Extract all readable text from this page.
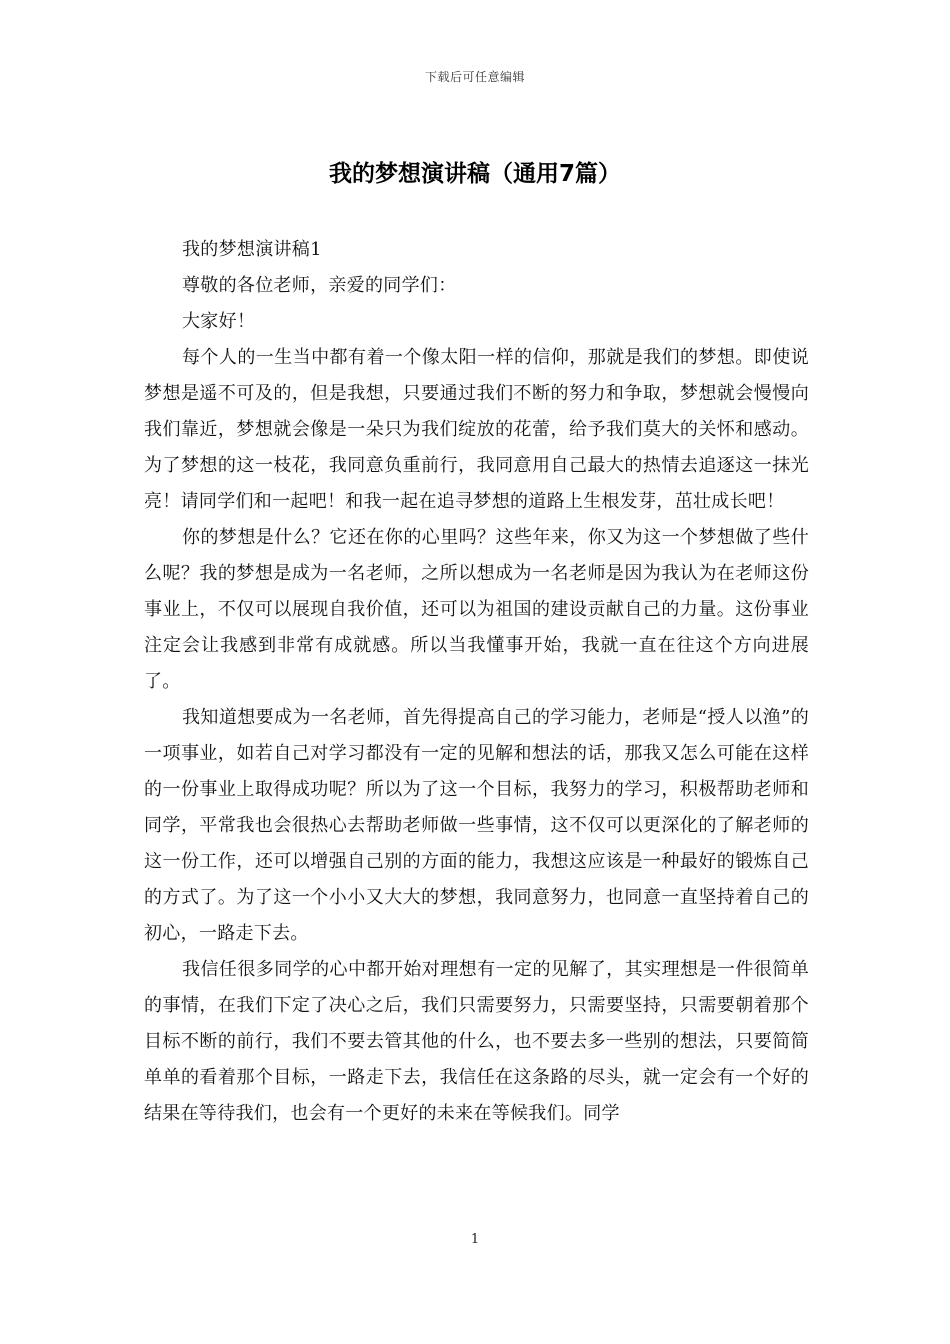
下载后可任意编辑
我的梦想演讲稿（通用7篇）

我的梦想演讲稿1

尊敬的各位老师，亲爱的同学们：

大家好！

每个人的一生当中都有着一个像太阳一样的信仰，那就是我们的梦想。即使说梦想是遥不可及的，但是我想，只要通过我们不断的努力和争取，梦想就会慢慢向我们靠近，梦想就会像是一朵只为我们绽放的花蕾，给予我们莫大的关怀和感动。为了梦想的这一枝花，我同意负重前行，我同意用自己最大的热情去追逐这一抹光亮！请同学们和一起吧！和我一起在追寻梦想的道路上生根发芽，茁壮成长吧！

你的梦想是什么？它还在你的心里吗？这些年来，你又为这一个梦想做了些什么呢？我的梦想是成为一名老师，之所以想成为一名老师是因为我认为在老师这份事业上，不仅可以展现自我价值，还可以为祖国的建设贡献自己的力量。这份事业注定会让我感到非常有成就感。所以当我懂事开始，我就一直在往这个方向进展了。

我知道想要成为一名老师，首先得提高自己的学习能力，老师是“授人以渔”的一项事业，如若自己对学习都没有一定的见解和想法的话，那我又怎么可能在这样的一份事业上取得成功呢？所以为了这一个目标，我努力的学习，积极帮助老师和同学，平常我也会很热心去帮助老师做一些事情，这不仅可以更深化的了解老师的这一份工作，还可以增强自己别的方面的能力，我想这应该是一种最好的锻炼自己的方式了。为了这一个小小又大大的梦想，我同意努力，也同意一直坚持着自己的初心，一路走下去。

我信任很多同学的心中都开始对理想有一定的见解了，其实理想是一件很简单的事情，在我们下定了决心之后，我们只需要努力，只需要坚持，只需要朝着那个目标不断的前行，我们不要去管其他的什么，也不要去多一些别的想法，只要简简单单的看着那个目标，一路走下去，我信任在这条路的尽头，就一定会有一个好的结果在等待我们，也会有一个更好的未来在等候我们。同学

1
